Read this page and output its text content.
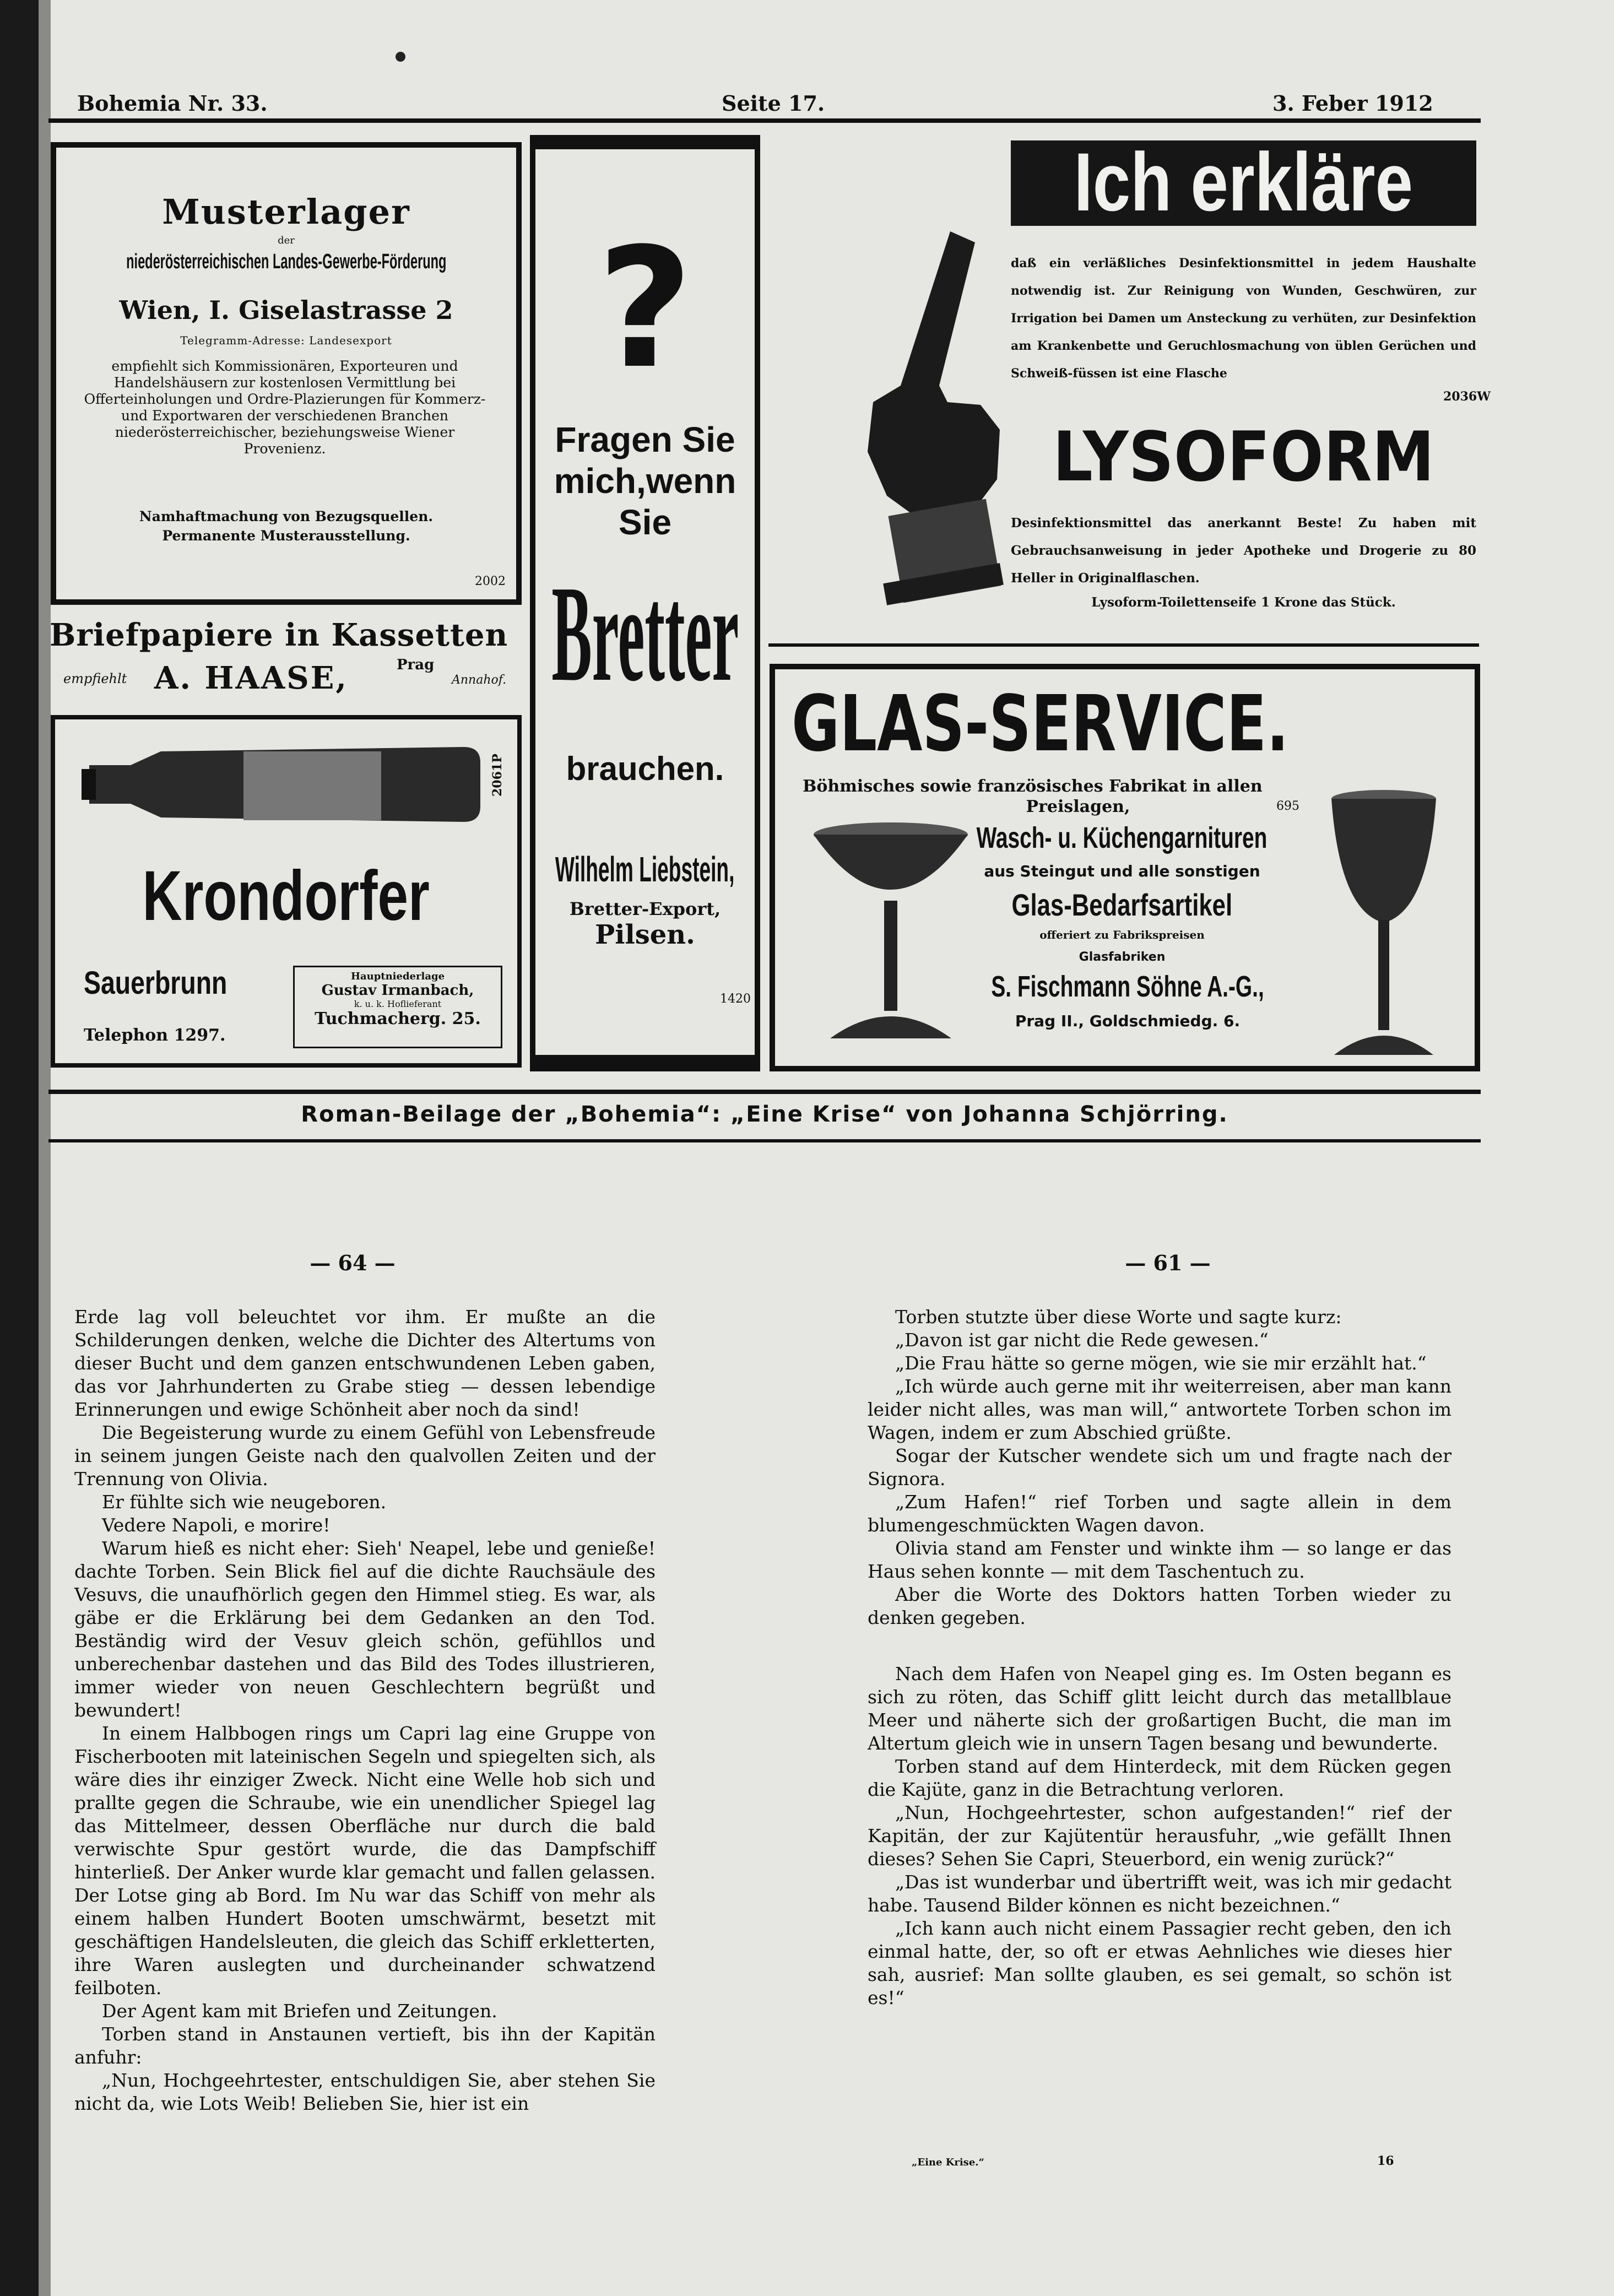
Bohemia Nr. 33.	Seite 17.	3. Feber 1912
Musterlager
der
niederösterreichischen Landes-Gewerbe-Förderung
Wien, I. Giselastrasse 2
Telegramm-Adresse: Landesexport
empfiehlt sich Kommissionären, Exporteuren und Handelshäusern zur kostenlosen Vermittlung bei Offerteinholungen und Ordre-Plazierungen für Kommerz- und Exportwaren der verschiedenen Branchen niederösterreichischer, beziehungsweise Wiener Provenienz.
Namhaftmachung von Bezugsquellen.
Permanente Musterausstellung.
2002
Briefpapiere in Kassetten
empfiehlt A. HAASE,	Prag
Annahof.
2061P
Krondorfer
Sauerbrunn
Telephon 1297.
Hauptniederlage
Gustav Irmanbach,
k. u. k. Hoflieferant
Tuchmacherg. 25.
?
Fragen Sie
mich,wenn
Sie
Bretter
brauchen.
Wilhelm Liebstein,
Bretter-Export,
Pilsen.
1420
Ich erkläre
daß ein verläßliches Desinfektionsmittel in jedem Haushalte notwendig ist. Zur Reinigung von Wunden, Geschwüren, zur Irrigation bei Damen um Ansteckung zu verhüten, zur Desinfektion am Krankenbette und Geruchlosmachung von üblen Gerüchen und Schweiß-füssen ist eine Flasche
2036W
LYSOFORM
Desinfektionsmittel das anerkannt Beste! Zu haben mit Gebrauchsanweisung in jeder Apotheke und Drogerie zu 80 Heller in Originalflaschen.
Lysoform-Toilettenseife 1 Krone das Stück.
GLAS-SERVICE.
Böhmisches sowie französisches Fabrikat in allen
Preislagen,	695
Wasch- u. Küchengarnituren
aus Steingut und alle sonstigen
Glas-Bedarfsartikel
offeriert zu Fabrikspreisen
Glasfabriken
S. Fischmann Söhne A.-G.,
Prag II., Goldschmiedg. 6.
Roman-Beilage der „Bohemia“: „Eine Krise“ von Johanna Schjörring.
— 64 —	— 61 —

Erde lag voll beleuchtet vor ihm. Er mußte an die Schilderungen denken, welche die Dichter des Altertums von dieser Bucht und dem ganzen entschwundenen Leben gaben, das vor Jahrhunderten zu Grabe stieg — dessen lebendige Erinnerungen und ewige Schönheit aber noch da sind!

Die Begeisterung wurde zu einem Gefühl von Lebensfreude in seinem jungen Geiste nach den qualvollen Zeiten und der Trennung von Olivia.

Er fühlte sich wie neugeboren.

Vedere Napoli, e morire!

Warum hieß es nicht eher: Sieh' Neapel, lebe und genieße! dachte Torben. Sein Blick fiel auf die dichte Rauchsäule des Vesuvs, die unaufhörlich gegen den Himmel stieg. Es war, als gäbe er die Erklärung bei dem Gedanken an den Tod. Beständig wird der Vesuv gleich schön, gefühllos und unberechenbar dastehen und das Bild des Todes illustrieren, immer wieder von neuen Geschlechtern begrüßt und bewundert!

In einem Halbbogen rings um Capri lag eine Gruppe von Fischerbooten mit lateinischen Segeln und spiegelten sich, als wäre dies ihr einziger Zweck. Nicht eine Welle hob sich und prallte gegen die Schraube, wie ein unendlicher Spiegel lag das Mittelmeer, dessen Oberfläche nur durch die bald verwischte Spur gestört wurde, die das Dampfschiff hinterließ. Der Anker wurde klar gemacht und fallen gelassen. Der Lotse ging ab Bord. Im Nu war das Schiff von mehr als einem halben Hundert Booten umschwärmt, besetzt mit geschäftigen Handelsleuten, die gleich das Schiff erkletterten, ihre Waren auslegten und durcheinander schwatzend feilboten.

Der Agent kam mit Briefen und Zeitungen.

Torben stand in Anstaunen vertieft, bis ihn der Kapitän anfuhr:

„Nun, Hochgeehrtester, entschuldigen Sie, aber stehen Sie nicht da, wie Lots Weib! Belieben Sie, hier ist ein

Torben stutzte über diese Worte und sagte kurz:

„Davon ist gar nicht die Rede gewesen.“

„Die Frau hätte so gerne mögen, wie sie mir erzählt hat.“

„Ich würde auch gerne mit ihr weiterreisen, aber man kann leider nicht alles, was man will,“ antwortete Torben schon im Wagen, indem er zum Abschied grüßte.

Sogar der Kutscher wendete sich um und fragte nach der Signora.

„Zum Hafen!“ rief Torben und sagte allein in dem blumengeschmückten Wagen davon.

Olivia stand am Fenster und winkte ihm — so lange er das Haus sehen konnte — mit dem Taschentuch zu.

Aber die Worte des Doktors hatten Torben wieder zu denken gegeben.

Nach dem Hafen von Neapel ging es. Im Osten begann es sich zu röten, das Schiff glitt leicht durch das metallblaue Meer und näherte sich der großartigen Bucht, die man im Altertum gleich wie in unsern Tagen besang und bewunderte.

Torben stand auf dem Hinterdeck, mit dem Rücken gegen die Kajüte, ganz in die Betrachtung verloren.

„Nun, Hochgeehrtester, schon aufgestanden!“ rief der Kapitän, der zur Kajütentür herausfuhr, „wie gefällt Ihnen dieses? Sehen Sie Capri, Steuerbord, ein wenig zurück?“

„Das ist wunderbar und übertrifft weit, was ich mir gedacht habe. Tausend Bilder können es nicht bezeichnen.“

„Ich kann auch nicht einem Passagier recht geben, den ich einmal hatte, der, so oft er etwas Aehnliches wie dieses hier sah, ausrief: Man sollte glauben, es sei gemalt, so schön ist es!“

„Eine Krise.“	16
